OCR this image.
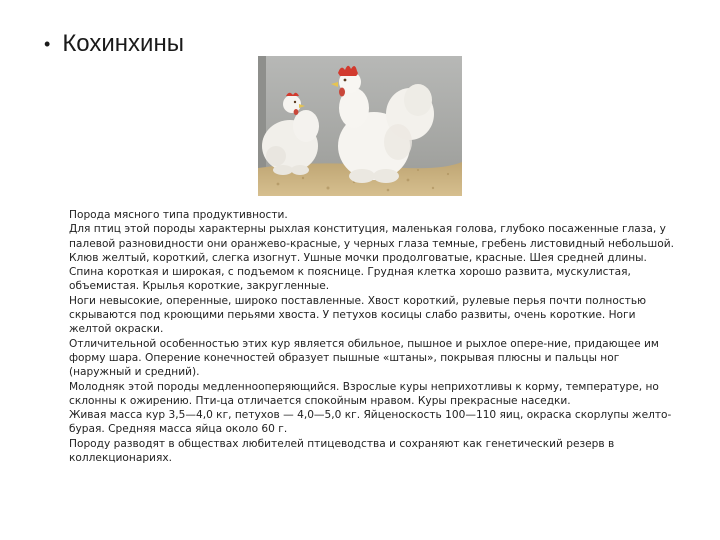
• Кохинхины

Порода мясного типа продуктивности.

Для птиц этой породы характерны рыхлая конституция, маленькая голова, глубоко посаженные глаза, у палевой разновидности они оранжево-красные, у черных глаза темные, гребень листовидный небольшой. Клюв желтый, короткий, слегка изогнут. Ушные мочки продолговатые, красные. Шея средней длины. Спина короткая и широкая, с подъемом к пояснице. Грудная клетка хорошо развита, мускулистая, объемистая. Крылья короткие, закругленные.

Ноги невысокие, оперенные, широко поставленные. Хвост короткий, рулевые перья почти полностью скрываются под кроющими перьями хвоста. У петухов косицы слабо развиты, очень короткие. Ноги желтой окраски.

Отличительной особенностью этих кур является обильное, пышное и рыхлое опере-ние, придающее им форму шара. Оперение конечностей образует пышные «штаны», покрывая плюсны и пальцы ног (наружный и средний).

Молодняк этой породы медленнооперяющийся. Взрослые куры неприхотливы к корму, температуре, но склонны к ожирению. Пти-ца отличается спокойным нравом. Куры прекрасные наседки.

Живая масса кур 3,5—4,0 кг, петухов — 4,0—5,0 кг. Яйценоскость 100—110 яиц, окраска скорлупы желто-бурая. Средняя масса яйца около 60 г.

Породу разводят в обществах любителей птицеводства и сохраняют как генетический резерв в коллекционариях.
